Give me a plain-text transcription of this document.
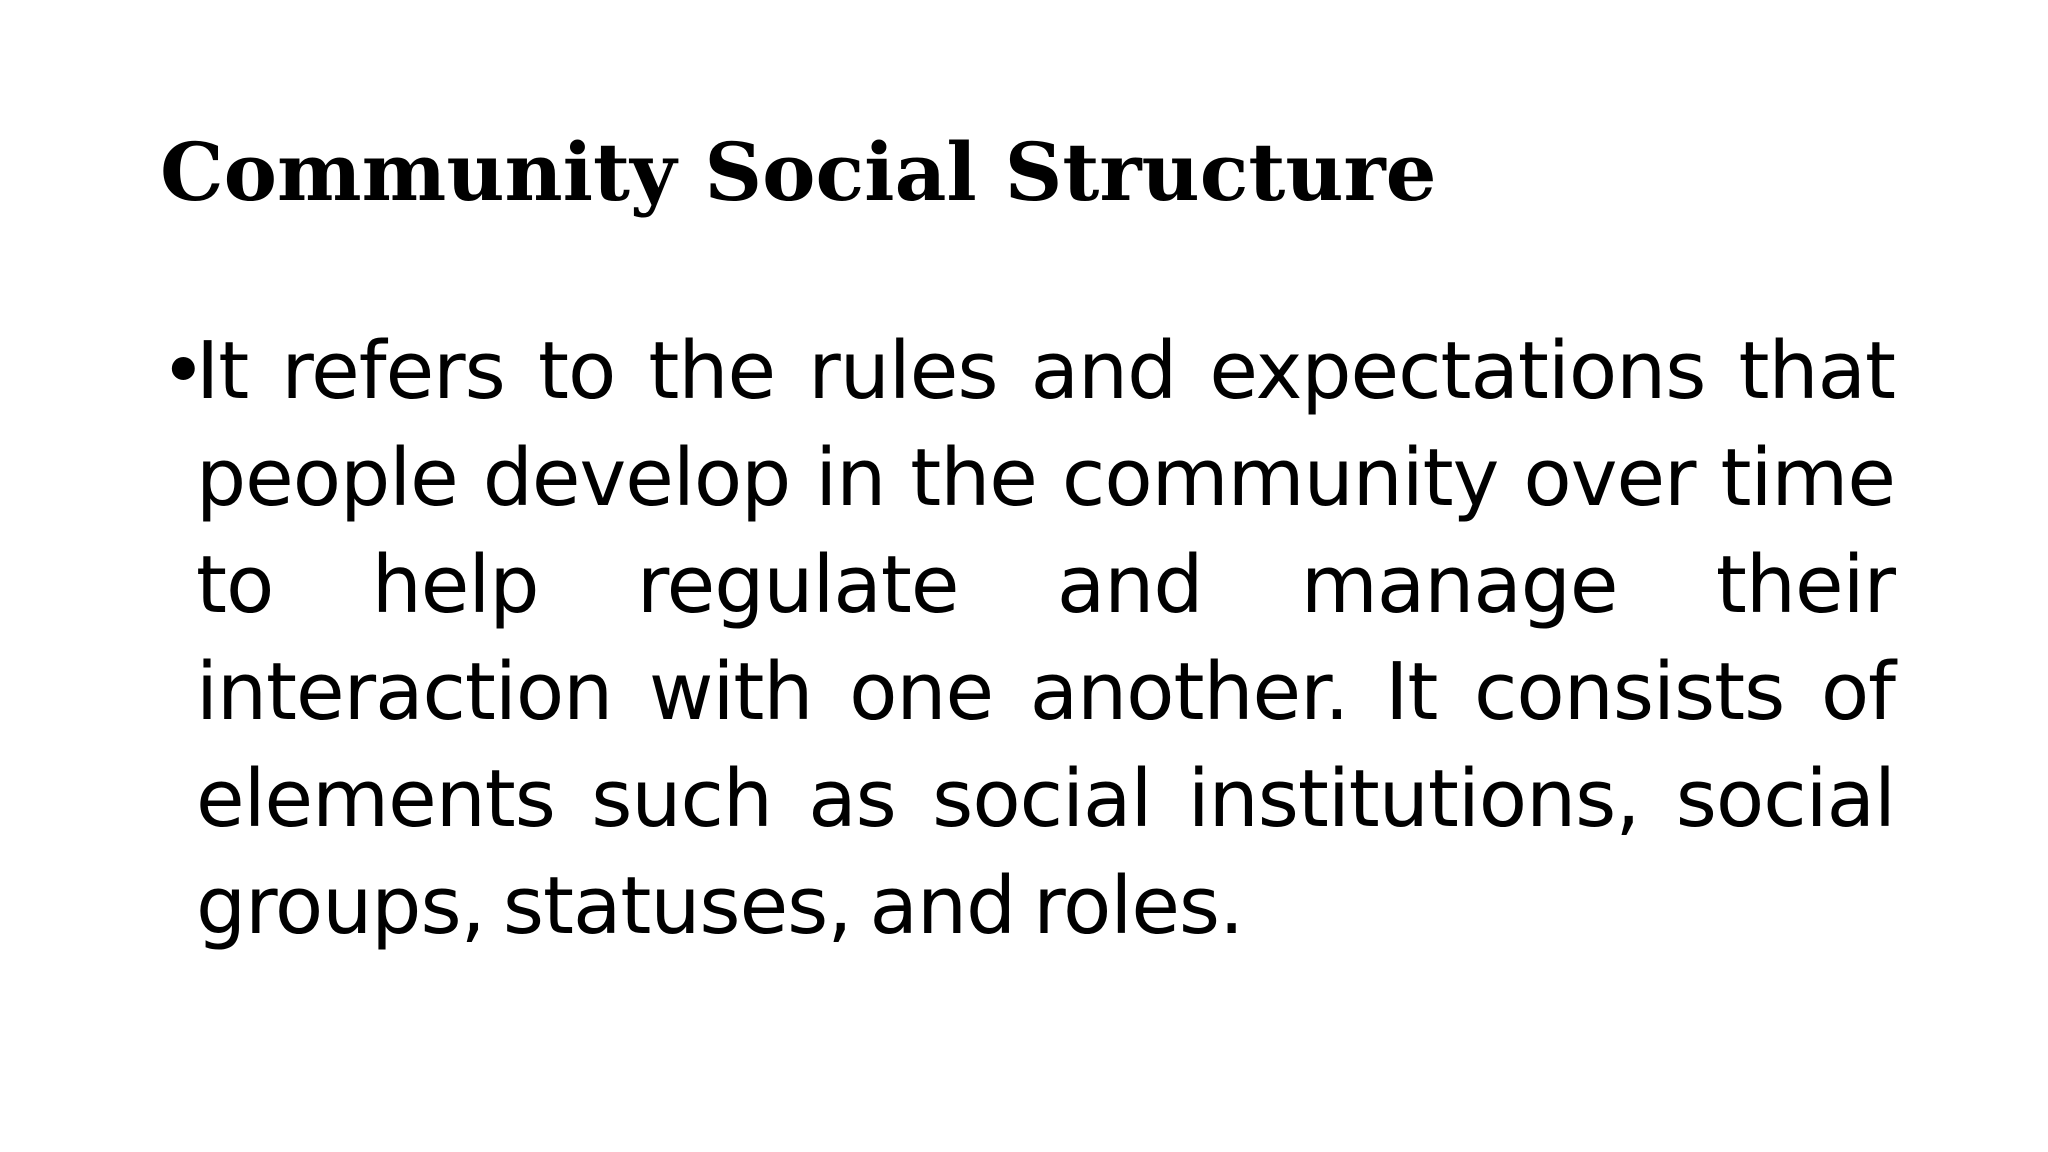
Community Social Structure
•
It refers to the rules and expectations that people develop in the community over time to help regulate and manage their interaction with one another. It consists of elements such as social institutions, social groups, statuses, and roles.
